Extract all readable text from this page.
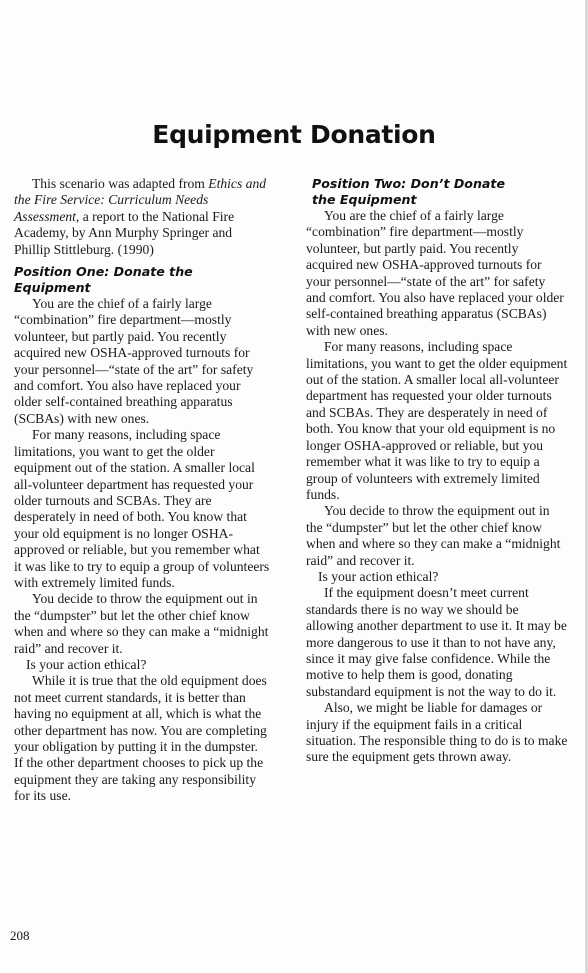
Equipment Donation

This scenario was adapted from Ethics and the Fire Service: Curriculum Needs Assessment, a report to the National Fire Academy, by Ann Murphy Springer and Phillip Stittleburg. (1990)

Position One: Donate the Equipment

You are the chief of a fairly large “combination” fire department—mostly volunteer, but partly paid. You recently acquired new OSHA-approved turnouts for your personnel—“state of the art” for safety and comfort. You also have replaced your older self-contained breathing apparatus (SCBAs) with new ones.

For many reasons, including space limitations, you want to get the older equipment out of the station. A smaller local all-volunteer department has requested your older turnouts and SCBAs. They are desperately in need of both. You know that your old equipment is no longer OSHA-approved or reliable, but you remember what it was like to try to equip a group of volunteers with extremely limited funds.

You decide to throw the equipment out in the “dumpster” but let the other chief know when and where so they can make a “midnight raid” and recover it.

Is your action ethical?

While it is true that the old equipment does not meet current standards, it is better than having no equipment at all, which is what the other department has now. You are completing your obligation by putting it in the dumpster. If the other department chooses to pick up the equipment they are taking any responsibility for its use.

Position Two: Don’t Donate
the Equipment

You are the chief of a fairly large “combination” fire department—mostly volunteer, but partly paid. You recently acquired new OSHA-approved turnouts for your personnel—“state of the art” for safety and comfort. You also have replaced your older self-contained breathing apparatus (SCBAs) with new ones.

For many reasons, including space limitations, you want to get the older equipment out of the station. A smaller local all-volunteer department has requested your older turnouts and SCBAs. They are desperately in need of both. You know that your old equipment is no longer OSHA-approved or reliable, but you remember what it was like to try to equip a group of volunteers with extremely limited funds.

You decide to throw the equipment out in the “dumpster” but let the other chief know when and where so they can make a “midnight raid” and recover it.

Is your action ethical?

If the equipment doesn’t meet current standards there is no way we should be allowing another department to use it. It may be more dangerous to use it than to not have any, since it may give false confidence. While the motive to help them is good, donating substandard equipment is not the way to do it.

Also, we might be liable for damages or injury if the equipment fails in a critical situation. The responsible thing to do is to make sure the equipment gets thrown away.

208
